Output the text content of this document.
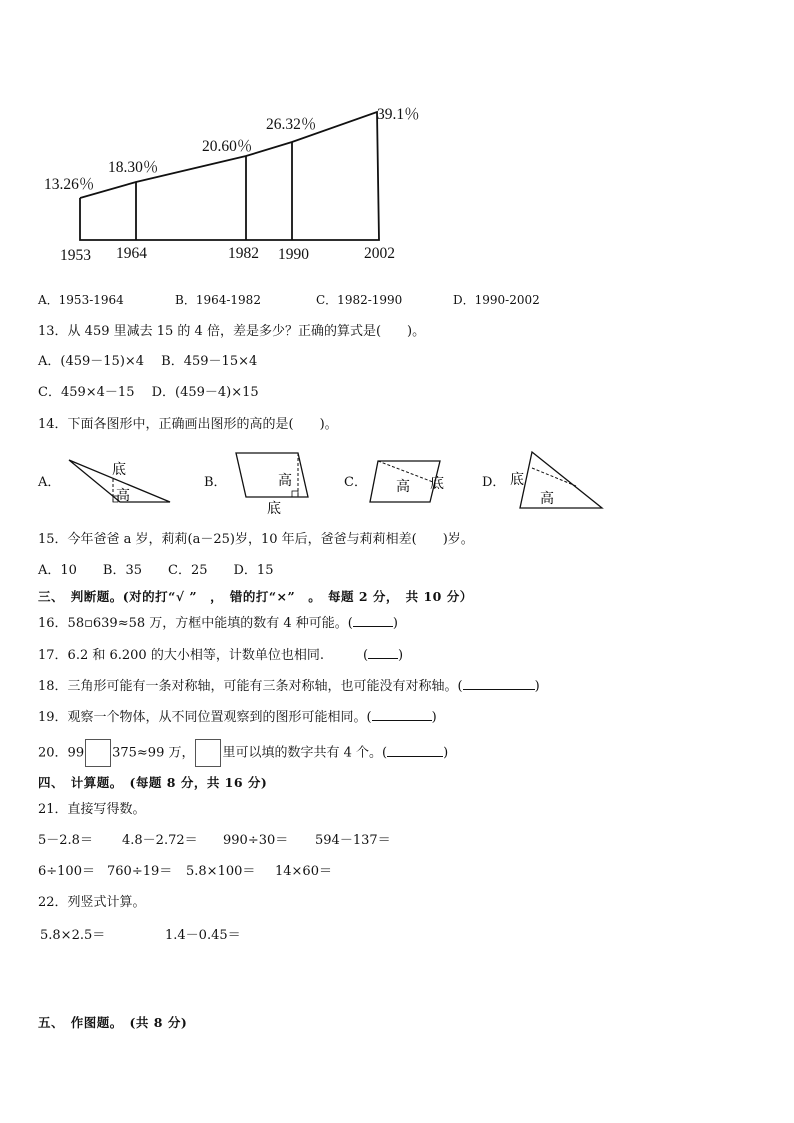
1953 1964	1982 1990	2002
13.26％
18.30％
20.60％
26.32％
39.1％
A．1953-1964	B．1964-1982	C．1982-1990	D．1990-2002
13．从 459 里减去 15 的 4 倍，差是多少？正确的算式是(　　)。
A．(459－15)×4　 B．459－15×4
C．459×4－15　 D．(459－4)×15
14．下面各图形中，正确画出图形的高的是(　　)。
A．
底
高
B．	高
底
C． 高 底	D． 底
高
15．今年爸爸 a 岁，莉莉(a－25)岁，10 年后，爸爸与莉莉相差(　　)岁。
A．10　　B．35　　C．25　　D．15
三、　判断题。(对的打“√ ”　，　错的打“×”　。　每题 2 分，　共 10 分）
16．58▫639≈58 万，方框中能填的数有 4 种可能。(	)
17．6.2 和 6.200 的大小相等，计数单位也相同.　　　( )
18．三角形可能有一条对称轴，可能有三条对称轴，也可能没有对称轴。(	)
19．观察一个物体，从不同位置观察到的图形可能相同。(	)
20．99 375≈99 万， 里可以填的数字共有 4 个。(	)
四、　计算题。　(每题 8 分，共 16 分)
21．直接写得数。
5－2.8＝ 4.8－2.72＝ 990÷30＝ 594－137＝
6÷100＝ 760÷19＝ 5.8×100＝ 14×60＝
22．列竖式计算。
5.8×2.5＝	1.4－0.45＝
五、　作图题。　(共 8 分)
